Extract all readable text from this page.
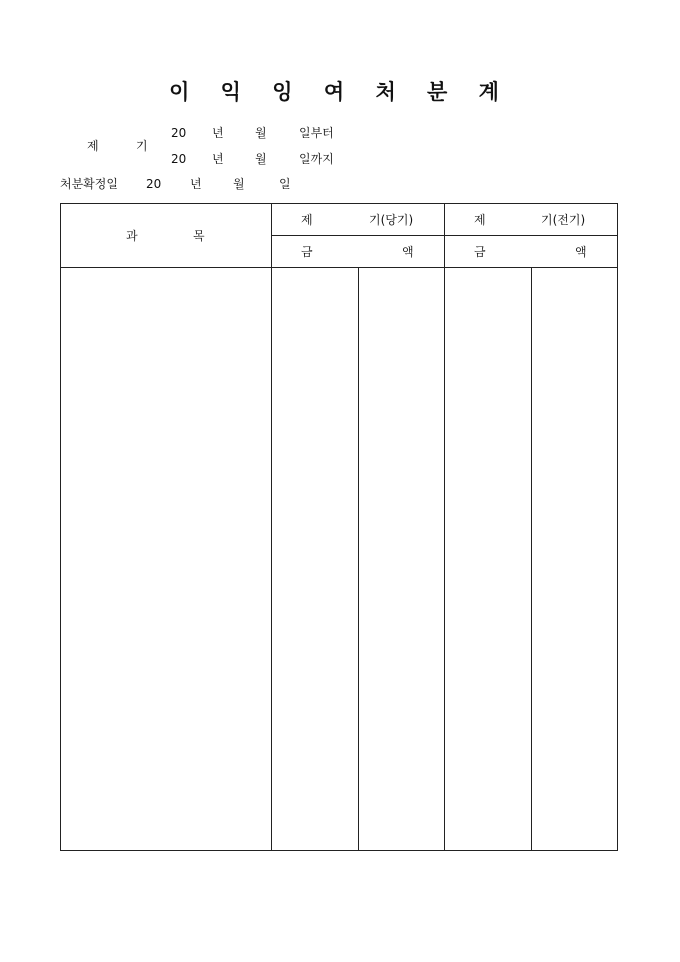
이 익 잉 여 처 분 계
제	기
20 년	월	일부터
20 년	월	일까지
처분확정일 20 년	월	일
과	목
제	기(당기)
금	액
제	기(전기)
금	액
